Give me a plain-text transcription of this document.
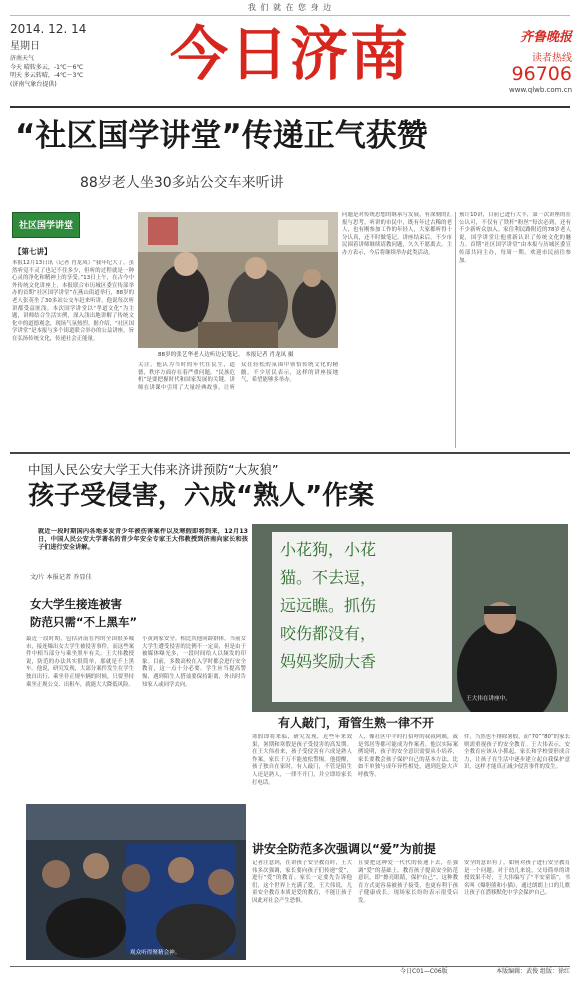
我 们 就 在 您 身 边
2014. 12. 14
星期日
济南天气
今天 晴转多云，-1℃～6℃
明天 多云转晴，-4℃～3℃
(济南气象台提供)	今日济南	齐鲁晚报
读者热线
96706
www.qlwb.com.cn
“社区国学讲堂”传递正气获赞
88岁老人坐30多站公交车来听讲
社区国学讲堂
【第七讲】
本报12月13日讯（记者 肖龙凤）“我年纪大了，虽然听觉不灵了也记不住多少，但听的过程就是一种心灵的净化和精神上的享受。”13日上午，在古今中外传统文化讲座上，本报联合市历城区委宣传部举办的首期“社区国学讲堂”在燕山街道举行，88岁的老人张英坐了30多站公交车赶来听讲。他说每次听讲都受益匪浅。本次国学讲堂以“孝道文化”为主题，讲师结合生活实例，深入浅出地讲解了传统文化中的道德观念，现场气氛热烈。据介绍，“社区国学讲堂”是本报与多个街道联合举办的公益讲座，旨在弘扬传统文化，传递社会正能量。
88岁的张艺华老人边听边记笔记。 本报记者 肖龙凤 摄
关注。他认为当时的年代在民生，道德，秩序方面存在着严重问题，“民族危机”是要把握时代和国家发展的关键。讲师在讲课中引用了大量经典故事，让听众在轻松的氛围中领悟传统文化的精髓。不少居民表示，这样的讲座接地气，希望能够多举办。
问题是对传统思想的继承与发展，有深刻的汇报与思考。听讲的市民中，既有年过古稀的老人，也有刚参加工作的年轻人，大家都听得十分认真，还不时做笔记。讲座结束后，不少市民围着讲师继续请教问题，久久不愿离去。主办方表示，今后将继续举办此类活动。
预计10讲，目前已进行大半，第一次讲座的在公认可，不仅有了铁杆“粉丝”每次必到，还有不少新听众加入。家住利民路附近的78岁老人说，国学讲堂让他重新认识了传统文化的魅力。首期“社区国学讲堂”由本报与历城区委宣传部共同主办，每周一期，欢迎市民前往参加。
中国人民公安大学王大伟来济讲预防“大灰狼”
孩子受侵害，六成“熟人”作案
就近一段时期国内各地多发青少年被伤害案件以及寒假即将到来，12月13日，中国人民公安大学著名的青少年安全专家王大伟教授到济南向家长和孩子们进行安全讲解。
文/片 本报记者 乔显佳
女大学生接连被害
防范只需“不上黑车”
最近一段时期，包括济南在内的全国很多城市，接连爆出女大学生被侵害事件，而这些案件中相当部分与乘坐黑车有关。王大伟教授说，防范的办法其实很简单，那就是不上黑车。他说，研究发现，大部分案件发生在学生独自出行、乘坐非正规车辆的时候，只要坚持乘坐正规公交、出租车，就能大大降低风险。
小黄到家安全。相比其他同龄群体，当前女大学生遭受侵害的比例不一定高，但是由于被媒体曝光多，一段时间给人以频发的印象。目前，多数高校在入学时都会进行安全教育，这一点十分必要。学生应当提高警惕，遇到陌生人搭讪要保持距离，外出时告知家人或同学去向。
小花狗，小花
猫。不去逗，
远远瞧。抓伤
咬伤都没有，
妈妈奖励大香
王大伟在讲座中。
有人敲门，甭管生熟一律不开
寒假即将来临，研究发现，近些年来效果，暑期和寒假是孩子受侵害的高发期。在王大伟看来，孩子受侵害有六成是熟人作案，家长千万不能放松警惕。他提醒，孩子独自在家时，有人敲门，不管是陌生人还是熟人，一律不开门，并立即给家长打电话。
人，像社区中平时打招呼的叔叔阿姨，或是邻居等都可能成为作案者。他以实际案例说明，孩子的安全意识需要从小培养，家长要教会孩子保护自己的基本方法，比如不单独与成年异性相处，遇到危险大声呼救等。
件，当然也不排除暑假，而“70”“80”的家长则需重视孩子的安全教育。王大伟表示，安全教育应该从小抓起，家长和学校要形成合力，让孩子在生活中逐步建立起自我保护意识，这样才能真正减少侵害事件的发生。
讲安全防范多次强调以“爱”为前提
记者注意到，在讲孩子安全教育时，王大伟多次强调，家长要向孩子们传递“爱”，进行“爱”的教育。家长一定要先告诉他们，这个世界上充满了爱。王大伟说，儿童安全教育本质是爱的教育，不能让孩子因此对社会产生恐惧。
且要把这种爱一代代的传递下去，在强调“爱”的基础上，教育孩子提高安全防范意识，即“擦亮眼睛，保护自己”。这种教育方式更容易被孩子接受，也更有利于孩子健康成长。现场家长纷纷表示很受启发。
安全的意识有了，如何对孩子进行安全教育是一个问题。对于幼儿来说，父母简单的讲授效果不好，王大伟编写了“平安童谣”，书名叫《爆胆熊和小猫》，通过朗朗上口的儿歌让孩子在潜移默化中学会保护自己。
观众听得聚精会神。
今日C01—C06版	本版编辑：武俊 组版：徐红
